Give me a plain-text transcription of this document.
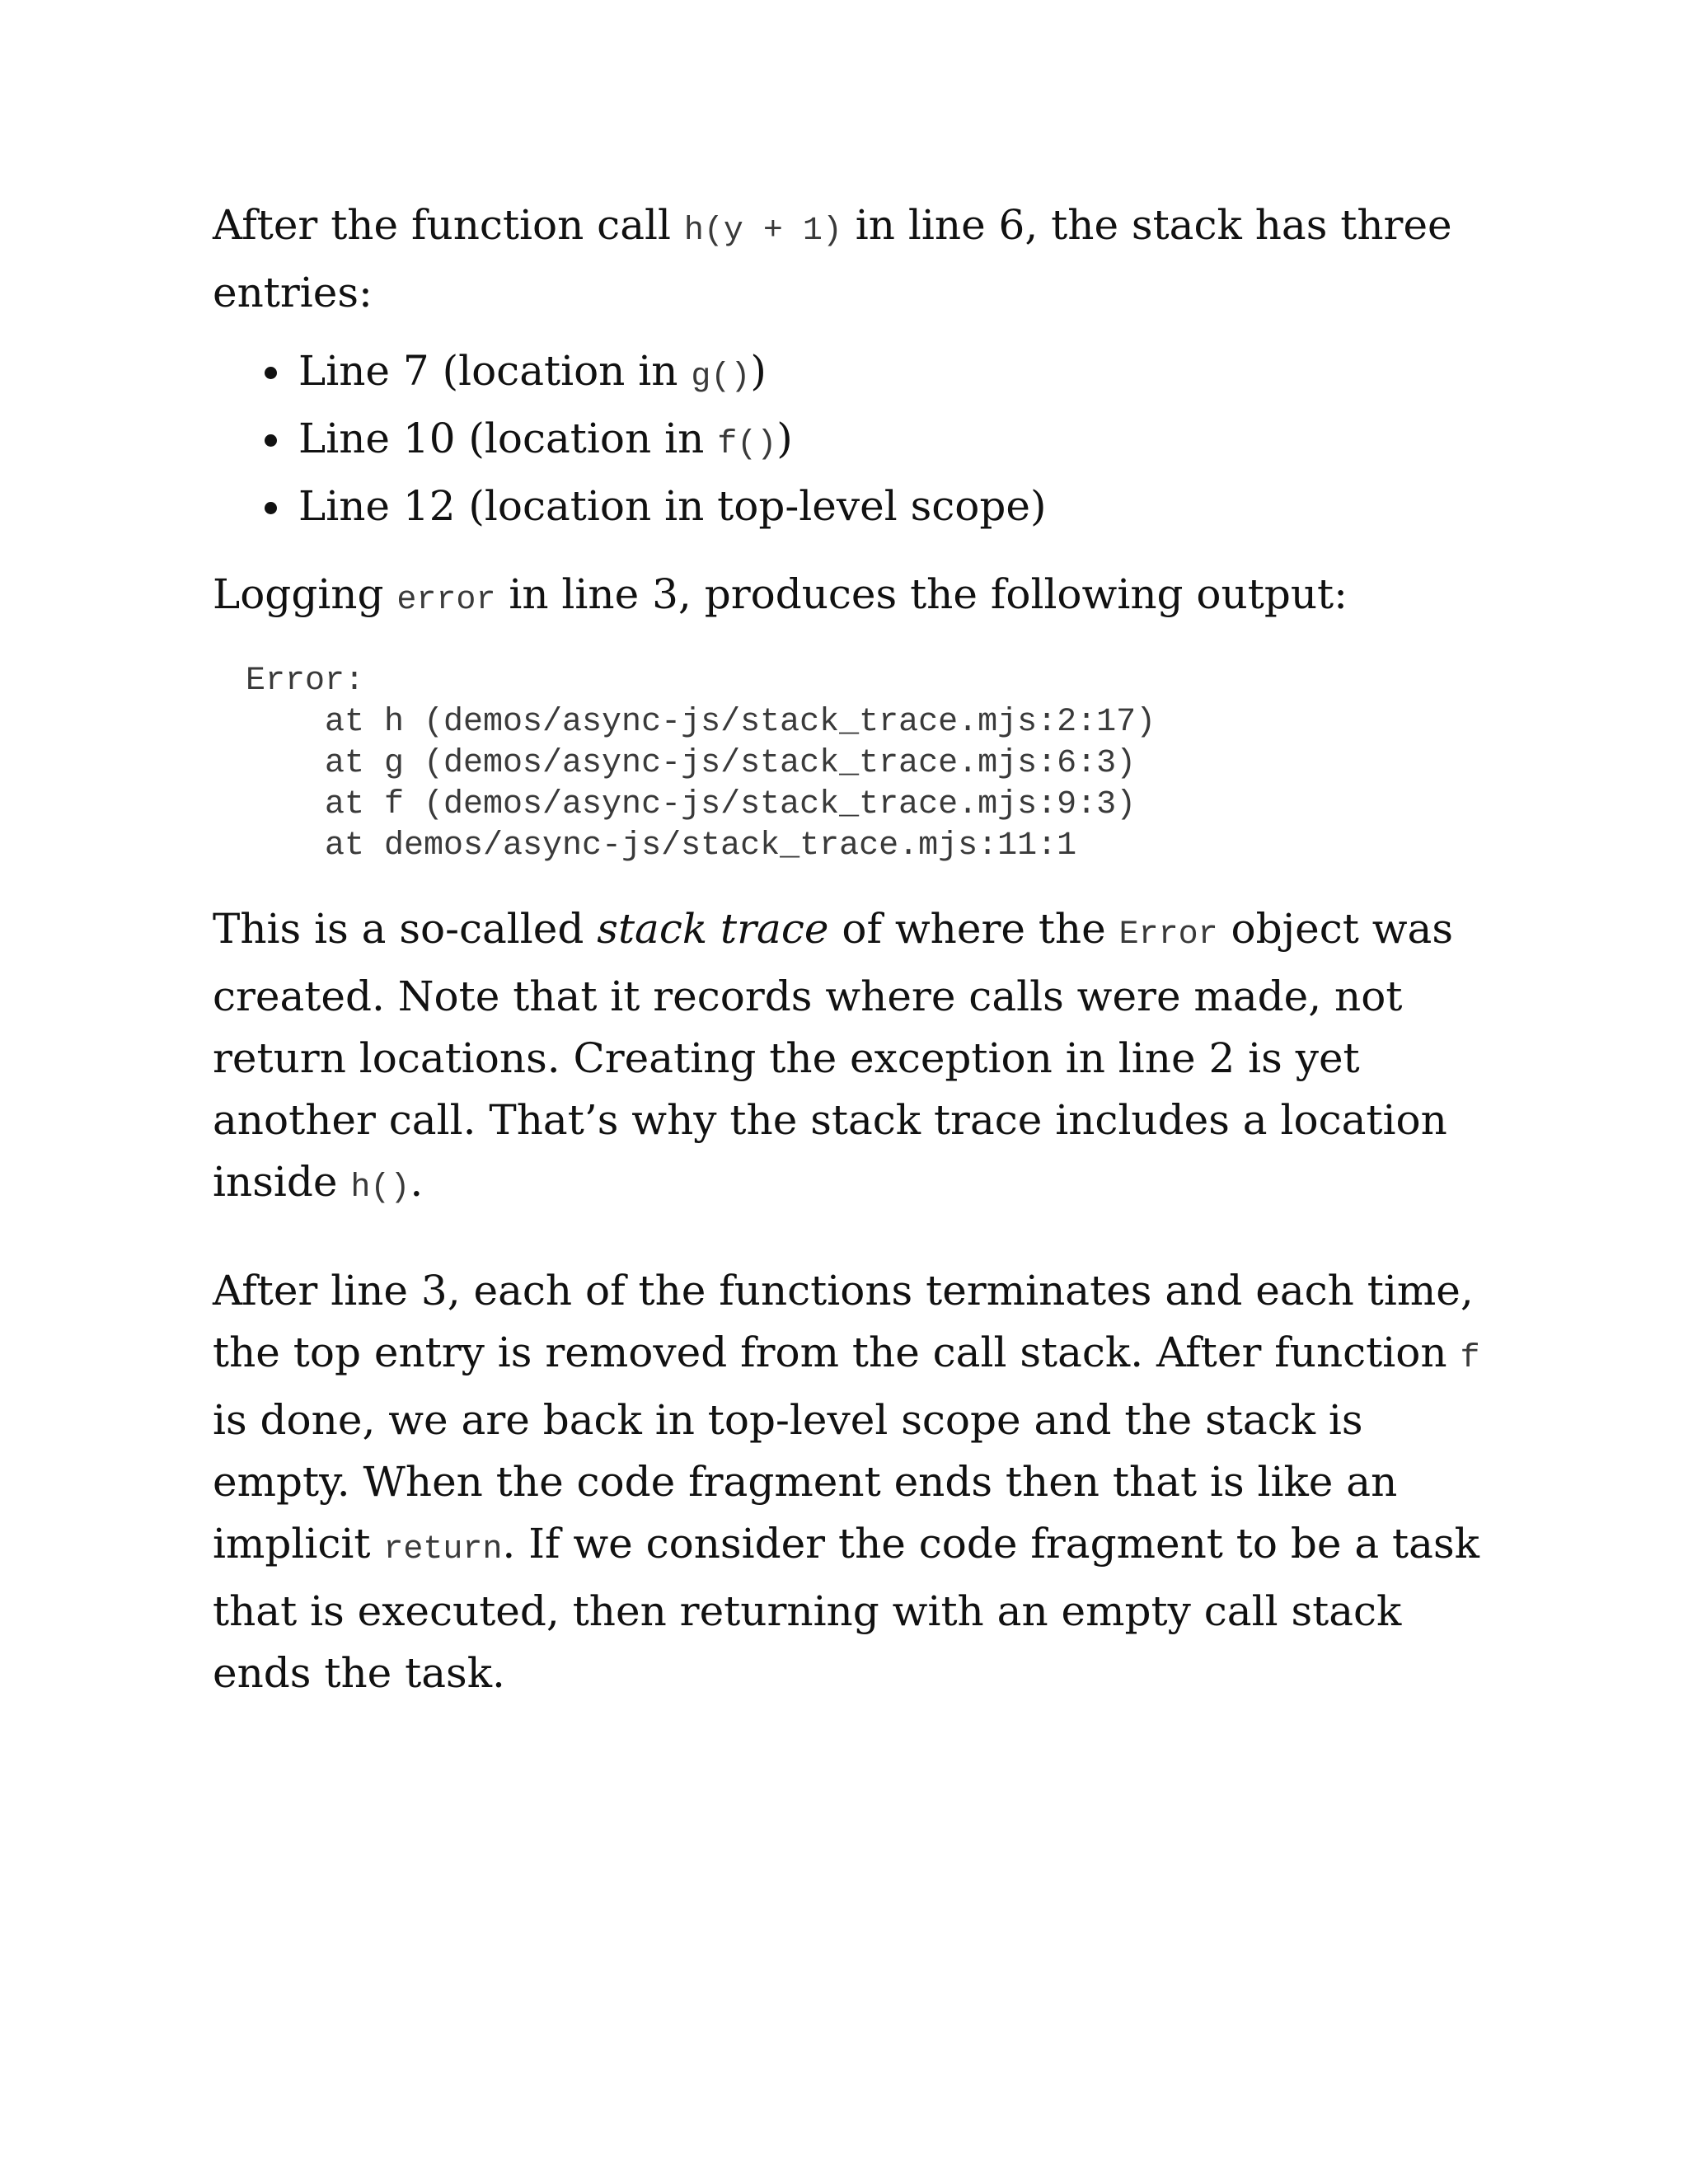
After the function call h(y + 1) in line 6, the stack has three entries:

• Line 7 (location in g())
• Line 10 (location in f())
• Line 12 (location in top-level scope)

Logging error in line 3, produces the following output:

Error:
at h (demos/async-js/stack_trace.mjs:2:17)
at g (demos/async-js/stack_trace.mjs:6:3)
at f (demos/async-js/stack_trace.mjs:9:3)
at demos/async-js/stack_trace.mjs:11:1

This is a so-called stack trace of where the Error object was created. Note that it records where calls were made, not return locations. Creating the exception in line 2 is yet another call. That’s why the stack trace includes a location inside h().

After line 3, each of the functions terminates and each time, the top entry is removed from the call stack. After function f is done, we are back in top-level scope and the stack is empty. When the code fragment ends then that is like an implicit return. If we consider the code fragment to be a task that is executed, then returning with an empty call stack ends the task.
